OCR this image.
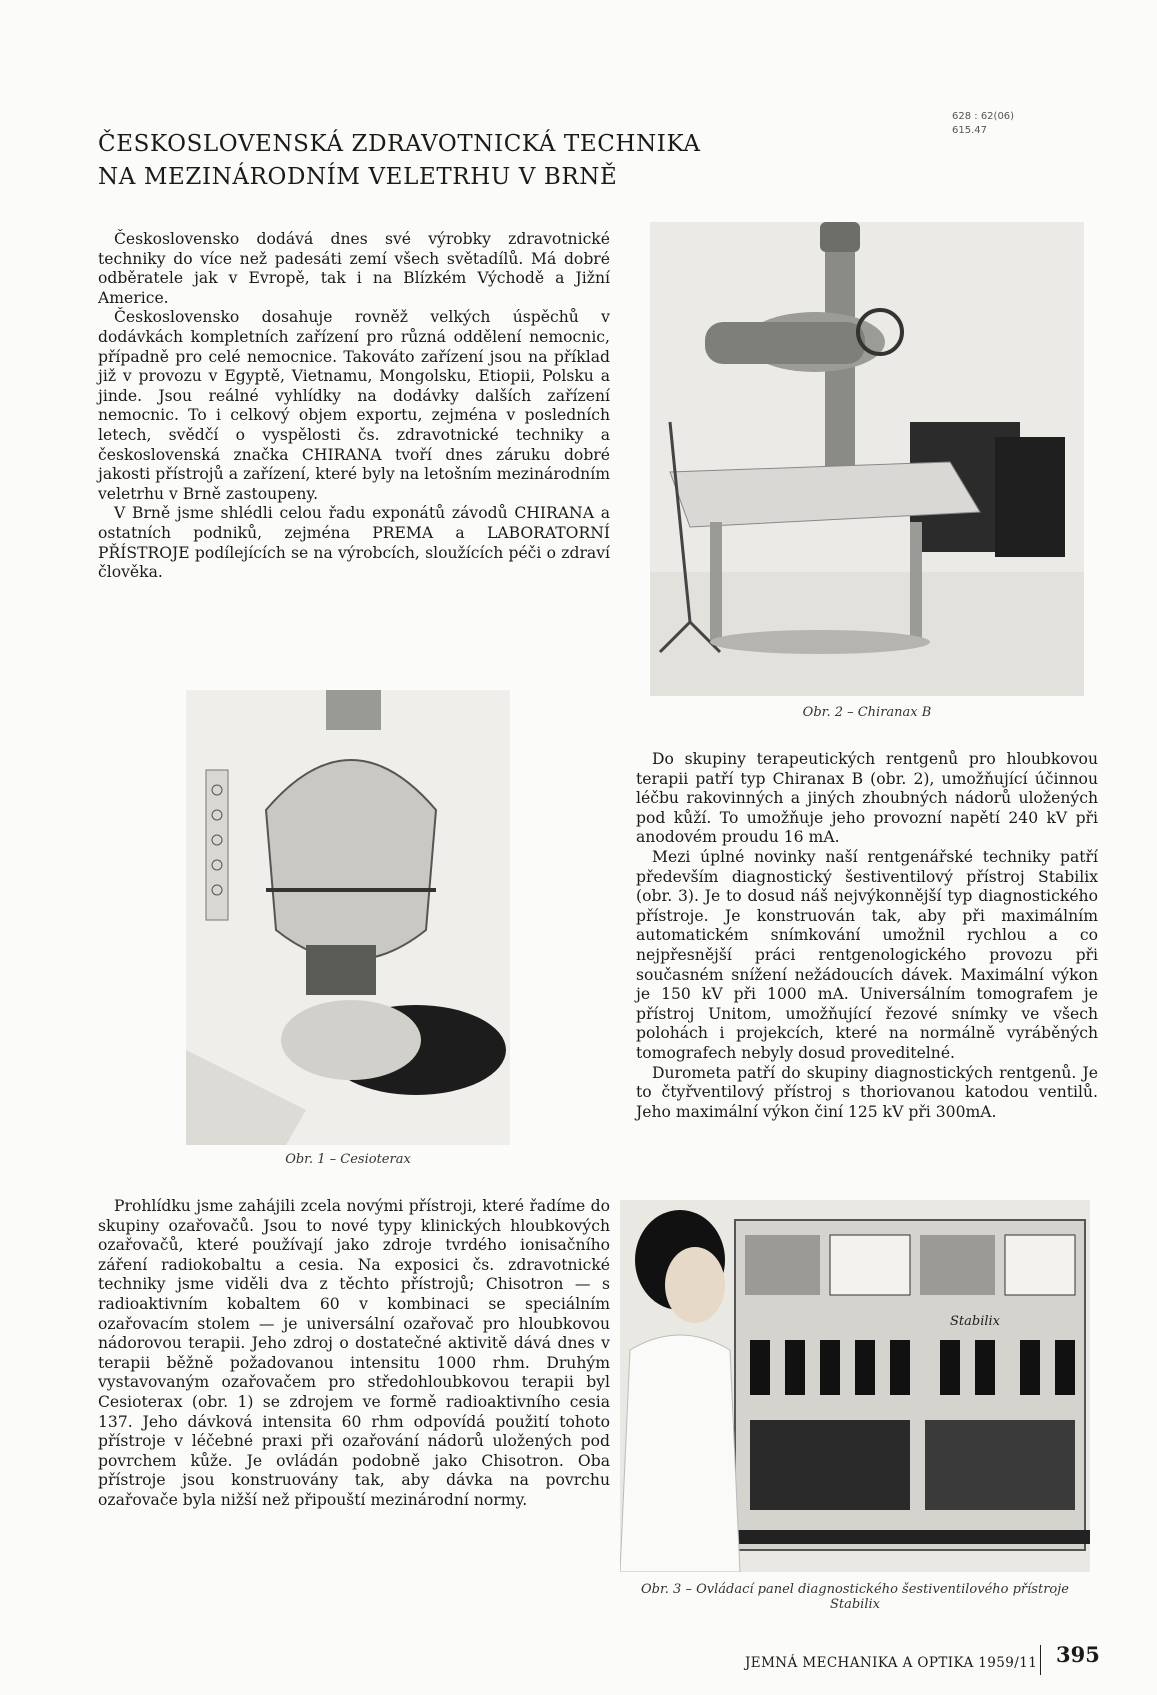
628 : 62(06)
615.47
ČESKOSLOVENSKÁ ZDRAVOTNICKÁ TECHNIKA
NA MEZINÁRODNÍM VELETRHU V BRNĚ

Československo dodává dnes své výrobky zdravotnické techniky do více než padesáti zemí všech světadílů. Má dobré odběratele jak v Evropě, tak i na Blízkém Východě a Jižní Americe.

Československo dosahuje rovněž velkých úspěchů v dodávkách kompletních zařízení pro různá oddělení nemocnic, případně pro celé nemocnice. Takováto zařízení jsou na příklad již v provozu v Egyptě, Vietnamu, Mongolsku, Etiopii, Polsku a jinde. Jsou reálné vyhlídky na dodávky dalších zařízení nemocnic. To i celkový objem exportu, zejména v posledních letech, svědčí o vyspělosti čs. zdravotnické techniky a československá značka CHIRANA tvoří dnes záruku dobré jakosti přístrojů a zařízení, které byly na letošním mezinárodním veletrhu v Brně zastoupeny.

V Brně jsme shlédli celou řadu exponátů závodů CHIRANA a ostatních podniků, zejména PREMA a LABORATORNÍ PŘÍSTROJE podílejících se na výrobcích, sloužících péči o zdraví člověka.

Obr. 2 – Chiranax B
Obr. 1 – Cesioterax

Prohlídku jsme zahájili zcela novými přístroji, které řadíme do skupiny ozařovačů. Jsou to nové typy klinických hloubkových ozařovačů, které používají jako zdroje tvrdého ionisačního záření radiokobaltu a cesia. Na exposici čs. zdravotnické techniky jsme viděli dva z těchto přístrojů; Chisotron — s radioaktivním kobaltem 60 v kombinaci se speciálním ozařovacím stolem — je universální ozařovač pro hloubkovou nádorovou terapii. Jeho zdroj o dostatečné aktivitě dává dnes v terapii běžně požadovanou intensitu 1000 rhm. Druhým vystavovaným ozařovačem pro středohloubkovou terapii byl Cesioterax (obr. 1) se zdrojem ve formě radioaktivního cesia 137. Jeho dávková intensita 60 rhm odpovídá použití tohoto přístroje v léčebné praxi při ozařování nádorů uložených pod povrchem kůže. Je ovládán podobně jako Chisotron. Oba přístroje jsou konstruovány tak, aby dávka na povrchu ozařovače byla nižší než připouští mezinárodní normy.

Do skupiny terapeutických rentgenů pro hloubkovou terapii patří typ Chiranax B (obr. 2), umožňující účinnou léčbu rakovinných a jiných zhoubných nádorů uložených pod kůží. To umožňuje jeho provozní napětí 240 kV při anodovém proudu 16 mA.

Mezi úplné novinky naší rentgenářské techniky patří především diagnostický šestiventilový přístroj Stabilix (obr. 3). Je to dosud náš nejvýkonnější typ diagnostického přístroje. Je konstruován tak, aby při maximálním automatickém snímkování umožnil rychlou a co nejpřesnější práci rentgenologického provozu při současném snížení nežádoucích dávek. Maximální výkon je 150 kV při 1000 mA. Universálním tomografem je přístroj Unitom, umožňující řezové snímky ve všech polohách i projekcích, které na normálně vyráběných tomografech nebyly dosud proveditelné.

Durometa patří do skupiny diagnostických rentgenů. Je to čtyřventilový přístroj s thoriovanou katodou ventilů. Jeho maximální výkon činí 125 kV při 300mA.

Stabilix
Obr. 3 – Ovládací panel diagnostického šestiventilového přístroje Stabilix
JEMNÁ MECHANIKA A OPTIKA 1959/11 395
